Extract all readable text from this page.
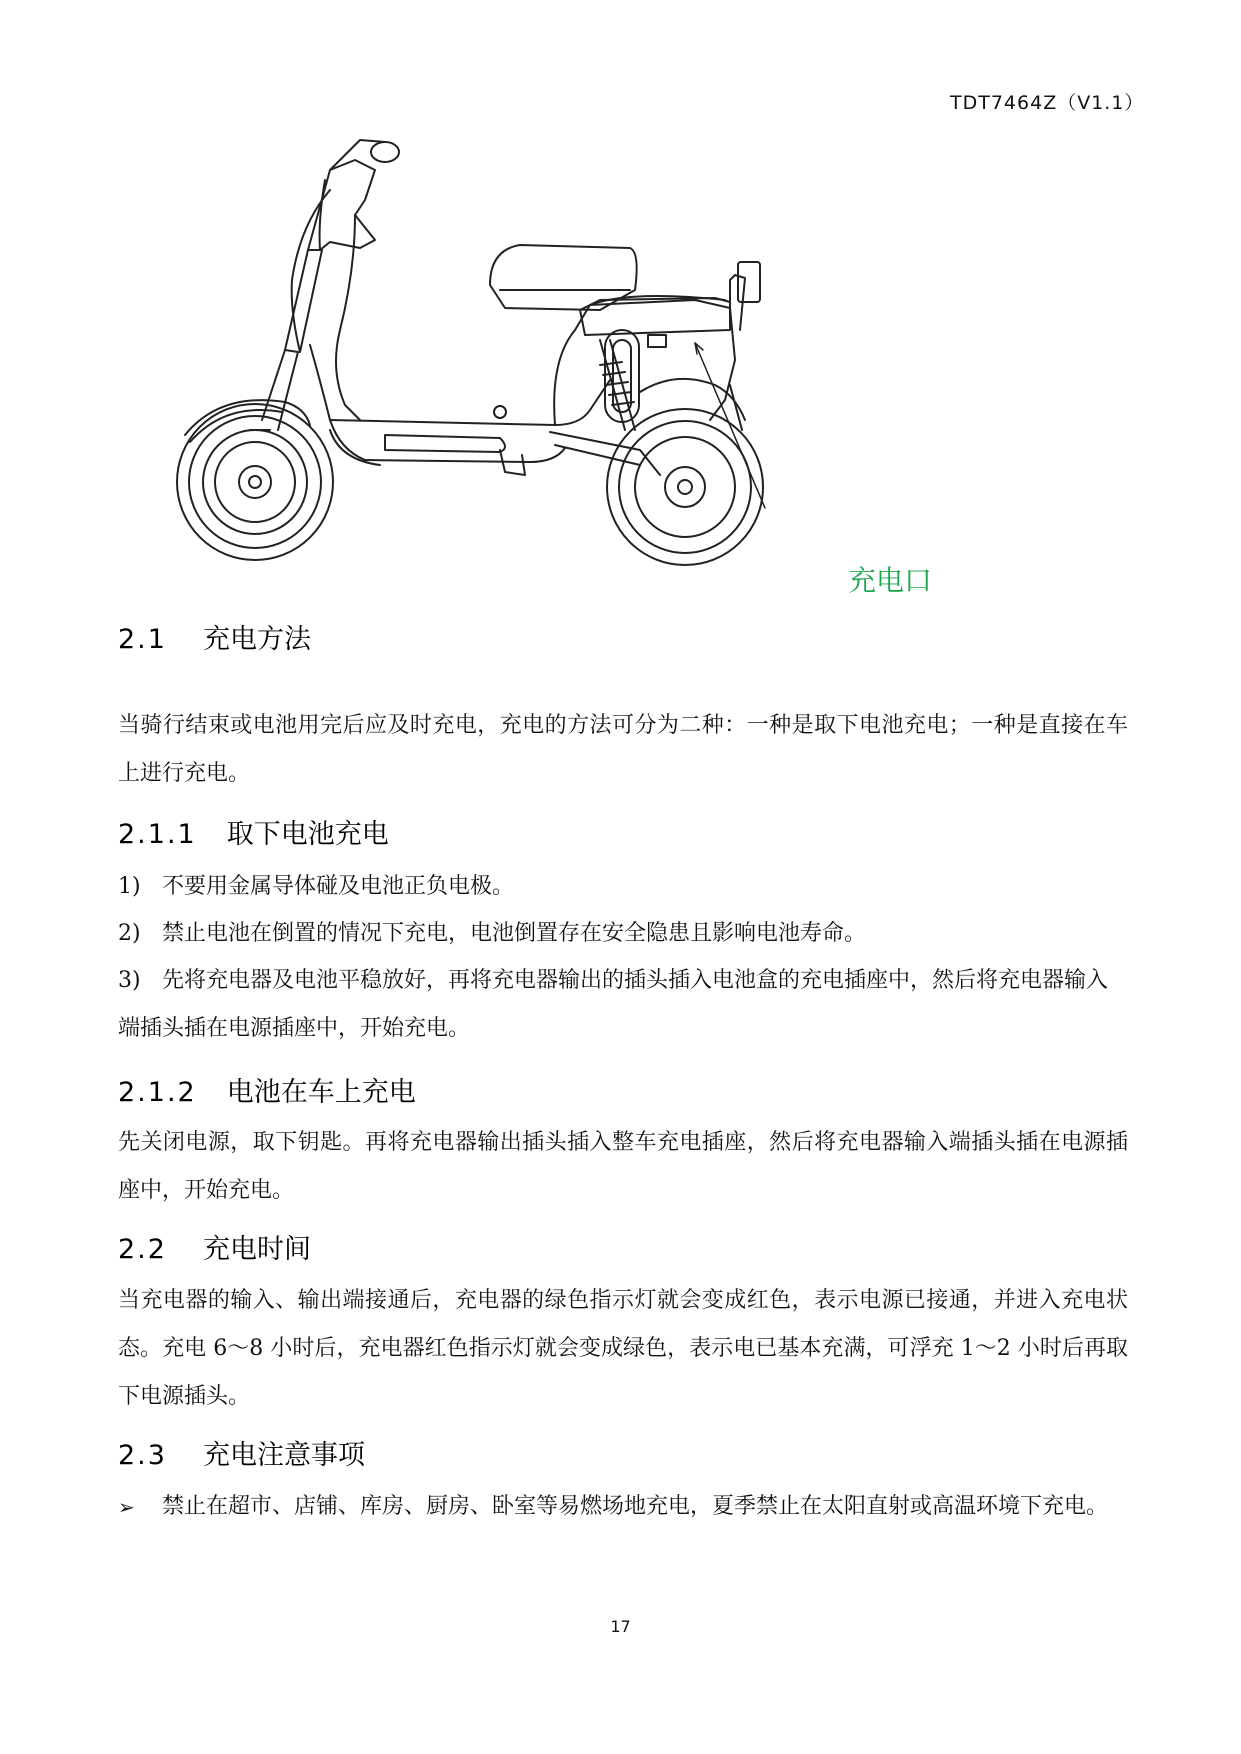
TDT7464Z（V1.1）
充电口
2.1 充电方法

当骑行结束或电池用完后应及时充电，充电的方法可分为二种：一种是取下电池充电；一种是直接在车上进行充电。

2.1.1 取下电池充电
1) 不要用金属导体碰及电池正负电极。
2) 禁止电池在倒置的情况下充电，电池倒置存在安全隐患且影响电池寿命。
3) 先将充电器及电池平稳放好，再将充电器输出的插头插入电池盒的充电插座中，然后将充电器输入端插头插在电源插座中，开始充电。
2.1.2 电池在车上充电

先关闭电源，取下钥匙。再将充电器输出插头插入整车充电插座，然后将充电器输入端插头插在电源插座中，开始充电。

2.2 充电时间

当充电器的输入、输出端接通后，充电器的绿色指示灯就会变成红色，表示电源已接通，并进入充电状态。充电 6～8 小时后，充电器红色指示灯就会变成绿色，表示电已基本充满，可浮充 1～2 小时后再取下电源插头。

2.3 充电注意事项
➢ 禁止在超市、店铺、库房、厨房、卧室等易燃场地充电，夏季禁止在太阳直射或高温环境下充电。
17
